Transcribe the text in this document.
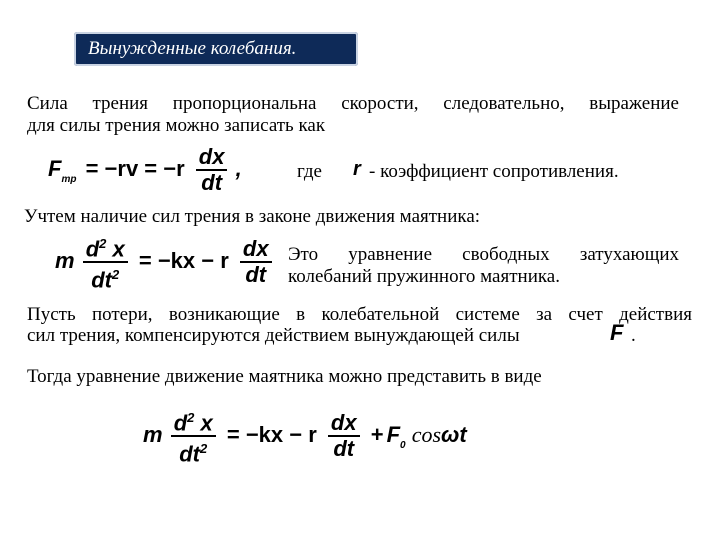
Вынужденные колебания.
Сила трения пропорциональна скорости, следовательно, выражение
для силы трения можно записать как
$F_{тр} = -rv = -r \frac{dx}{dt}$ ,	где r - коэффициент сопротивления.
Учтем наличие сил трения в законе движения маятника:
m $\frac{d^2 x}{dt^2} = -kx - r \frac{dx}{dt}$ Это уравнение свободных затухающих
колебаний пружинного маятника.
Пусть потери, возникающие в колебательной системе за счет действия
сил трения, компенсируются действием вынуждающей силы	F .
Тогда уравнение движение маятника можно представить в виде
m $\frac{d^2 x}{dt^2} = -kx - r \frac{dx}{dt} + F_0$ cosωt
